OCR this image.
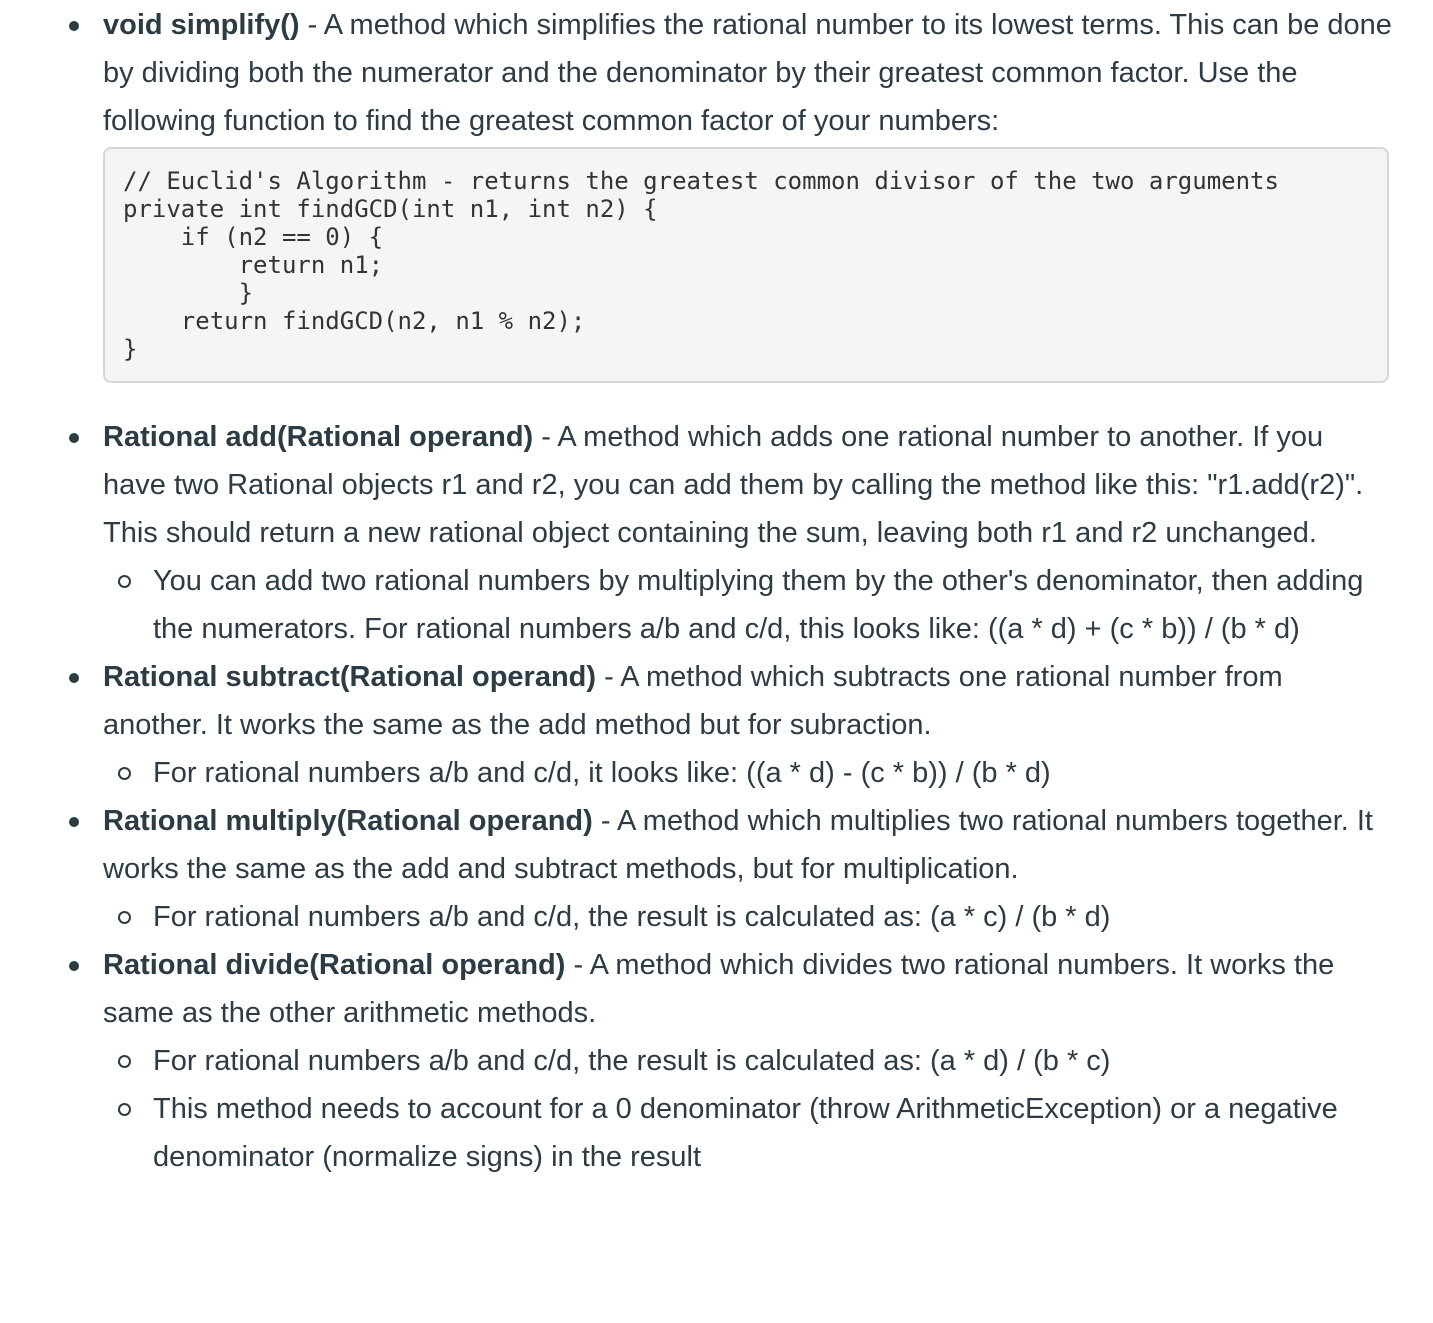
void simplify() - A method which simplifies the rational number to its lowest terms. This can be done by dividing both the numerator and the denominator by their greatest common factor. Use the following function to find the greatest common factor of your numbers:
// Euclid's Algorithm - returns the greatest common divisor of the two arguments
private int findGCD(int n1, int n2) {
if (n2 == 0) {
return n1;
}
return findGCD(n2, n1 % n2);
}
Rational add(Rational operand) - A method which adds one rational number to another. If you have two Rational objects r1 and r2, you can add them by calling the method like this: "r1.add(r2)". This should return a new rational object containing the sum, leaving both r1 and r2 unchanged.
You can add two rational numbers by multiplying them by the other's denominator, then adding the numerators. For rational numbers a/b and c/d, this looks like: ((a * d) + (c * b)) / (b * d)
Rational subtract(Rational operand) - A method which subtracts one rational number from another. It works the same as the add method but for subraction.
For rational numbers a/b and c/d, it looks like: ((a * d) - (c * b)) / (b * d)
Rational multiply(Rational operand) - A method which multiplies two rational numbers together. It works the same as the add and subtract methods, but for multiplication.
For rational numbers a/b and c/d, the result is calculated as: (a * c) / (b * d)
Rational divide(Rational operand) - A method which divides two rational numbers. It works the same as the other arithmetic methods.
For rational numbers a/b and c/d, the result is calculated as: (a * d) / (b * c)
This method needs to account for a 0 denominator (throw ArithmeticException) or a negative denominator (normalize signs) in the result
